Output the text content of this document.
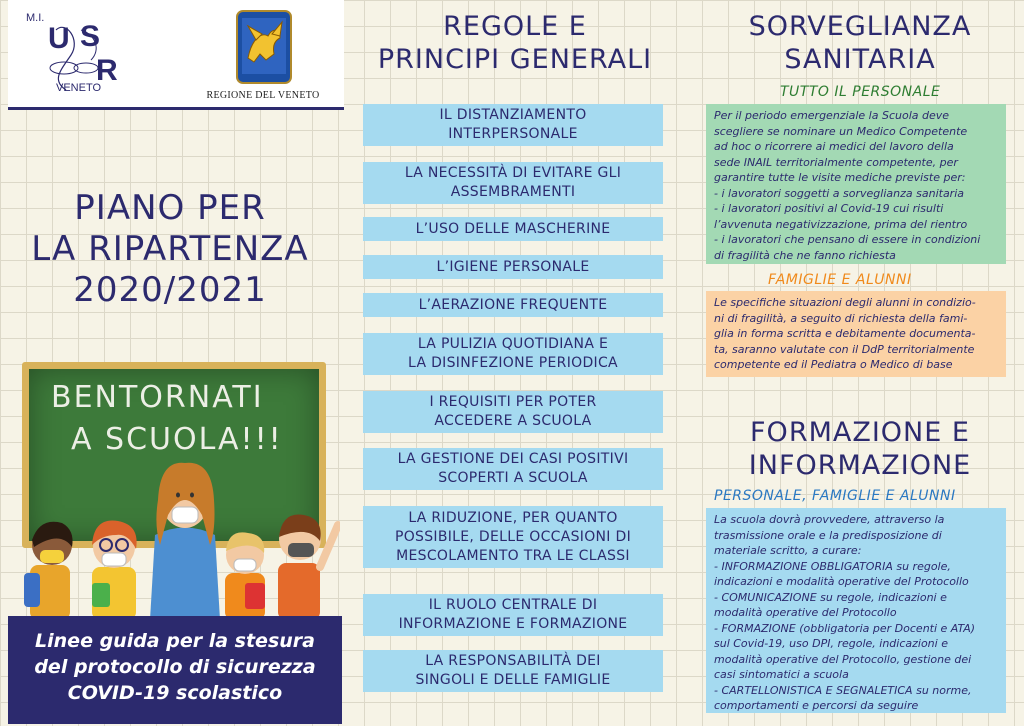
M.I.
U S
R
VENETO
REGIONE DEL VENETO
PIANO PER
LA RIPARTENZA
2020/2021
BENTORNATI
A SCUOLA!!!
Linee guida per la stesura
del protocollo di sicurezza
COVID-19 scolastico
REGOLE E
PRINCIPI GENERALI
IL DISTANZIAMENTO
INTERPERSONALE
LA NECESSITÀ DI EVITARE GLI
ASSEMBRAMENTI
L’USO DELLE MASCHERINE
L’IGIENE PERSONALE
L’AERAZIONE FREQUENTE
LA PULIZIA QUOTIDIANA E
LA DISINFEZIONE PERIODICA
I REQUISITI PER POTER
ACCEDERE A SCUOLA
LA GESTIONE DEI CASI POSITIVI
SCOPERTI A SCUOLA
LA RIDUZIONE, PER QUANTO
POSSIBILE, DELLE OCCASIONI DI
MESCOLAMENTO TRA LE CLASSI
IL RUOLO CENTRALE DI
INFORMAZIONE E FORMAZIONE
LA RESPONSABILITÀ DEI
SINGOLI E DELLE FAMIGLIE
SORVEGLIANZA
SANITARIA
TUTTO IL PERSONALE
Per il periodo emergenziale la Scuola deve
scegliere se nominare un Medico Competente
ad hoc o ricorrere ai medici del lavoro della
sede INAIL territorialmente competente, per
garantire tutte le visite mediche previste per:
- i lavoratori soggetti a sorveglianza sanitaria
- i lavoratori positivi al Covid-19 cui risulti
l’avvenuta negativizzazione, prima del rientro
- i lavoratori che pensano di essere in condizioni
di fragilità che ne fanno richiesta
FAMIGLIE E ALUNNI
Le specifiche situazioni degli alunni in condizio-
ni di fragilità, a seguito di richiesta della fami-
glia in forma scritta e debitamente documenta-
ta, saranno valutate con il DdP territorialmente
competente ed il Pediatra o Medico di base
FORMAZIONE E
INFORMAZIONE
PERSONALE, FAMIGLIE E ALUNNI
La scuola dovrà provvedere, attraverso la
trasmissione orale e la predisposizione di
materiale scritto, a curare:
- INFORMAZIONE OBBLIGATORIA su regole,
indicazioni e modalità operative del Protocollo
- COMUNICAZIONE su regole, indicazioni e
modalità operative del Protocollo
- FORMAZIONE (obbligatoria per Docenti e ATA)
sul Covid-19, uso DPI, regole, indicazioni e
modalità operative del Protocollo, gestione dei
casi sintomatici a scuola
- CARTELLONISTICA E SEGNALETICA su norme,
comportamenti e percorsi da seguire
